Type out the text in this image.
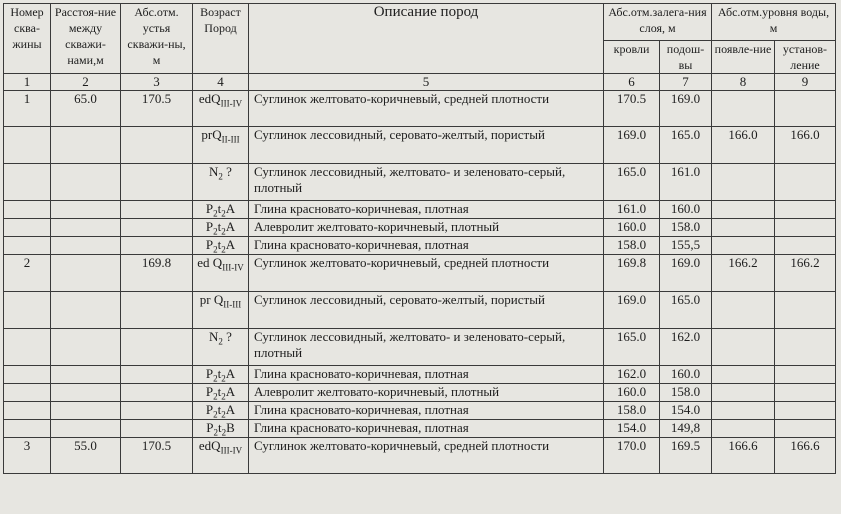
Номер сква-жины	Расстоя-ние между скважи-нами,м	Абс.отм. устья скважи-ны, м	Возраст Пород	Описание пород	Абс.отм.залега-ния слоя, м		Абс.отм.уровня воды, м	
					кровли	подош-вы	появле-ние	установ-ление
1	2	3	4	5	6	7	8	9
1	65.0	170.5	edQ$_{III-IV}$	Суглинок желтовато-коричневый, средней плотности	170.5	169.0		
			prQ$_{II-III}$	Суглинок лессовидный, серовато-желтый, пористый	169.0	165.0	166.0	166.0
			$N_2$ ?	Суглинок лессовидный, желтовато- и зеленовато-серый, плотный	165.0	161.0		
			$P_2t_2A$	Глина красновато-коричневая, плотная	161.0	160.0		
			$P_2t_2A$	Алевролит желтовато-коричневый, плотный	160.0	158.0		
			$P_2t_2A$	Глина красновато-коричневая, плотная	158.0	155,5		
2		169.8	ed $Q_{III-IV}$	Суглинок желтовато-коричневый, средней плотности	169.8	169.0	166.2	166.2
			pr $Q_{II-III}$	Суглинок лессовидный, серовато-желтый, пористый	169.0	165.0		
			$N_2$ ?	Суглинок лессовидный, желтовато- и зеленовато-серый, плотный	165.0	162.0		
			$P_2t_2A$	Глина красновато-коричневая, плотная	162.0	160.0		
			$P_2t_2A$	Алевролит желтовато-коричневый, плотный	160.0	158.0		
			$P_2t_2A$	Глина красновато-коричневая, плотная	158.0	154.0		
			$P_2t_2B$	Глина красновато-коричневая, плотная	154.0	149,8		
3	55.0	170.5	edQ$_{III-IV}$	Суглинок желтовато-коричневый, средней плотности	170.0	169.5	166.6	166.6
